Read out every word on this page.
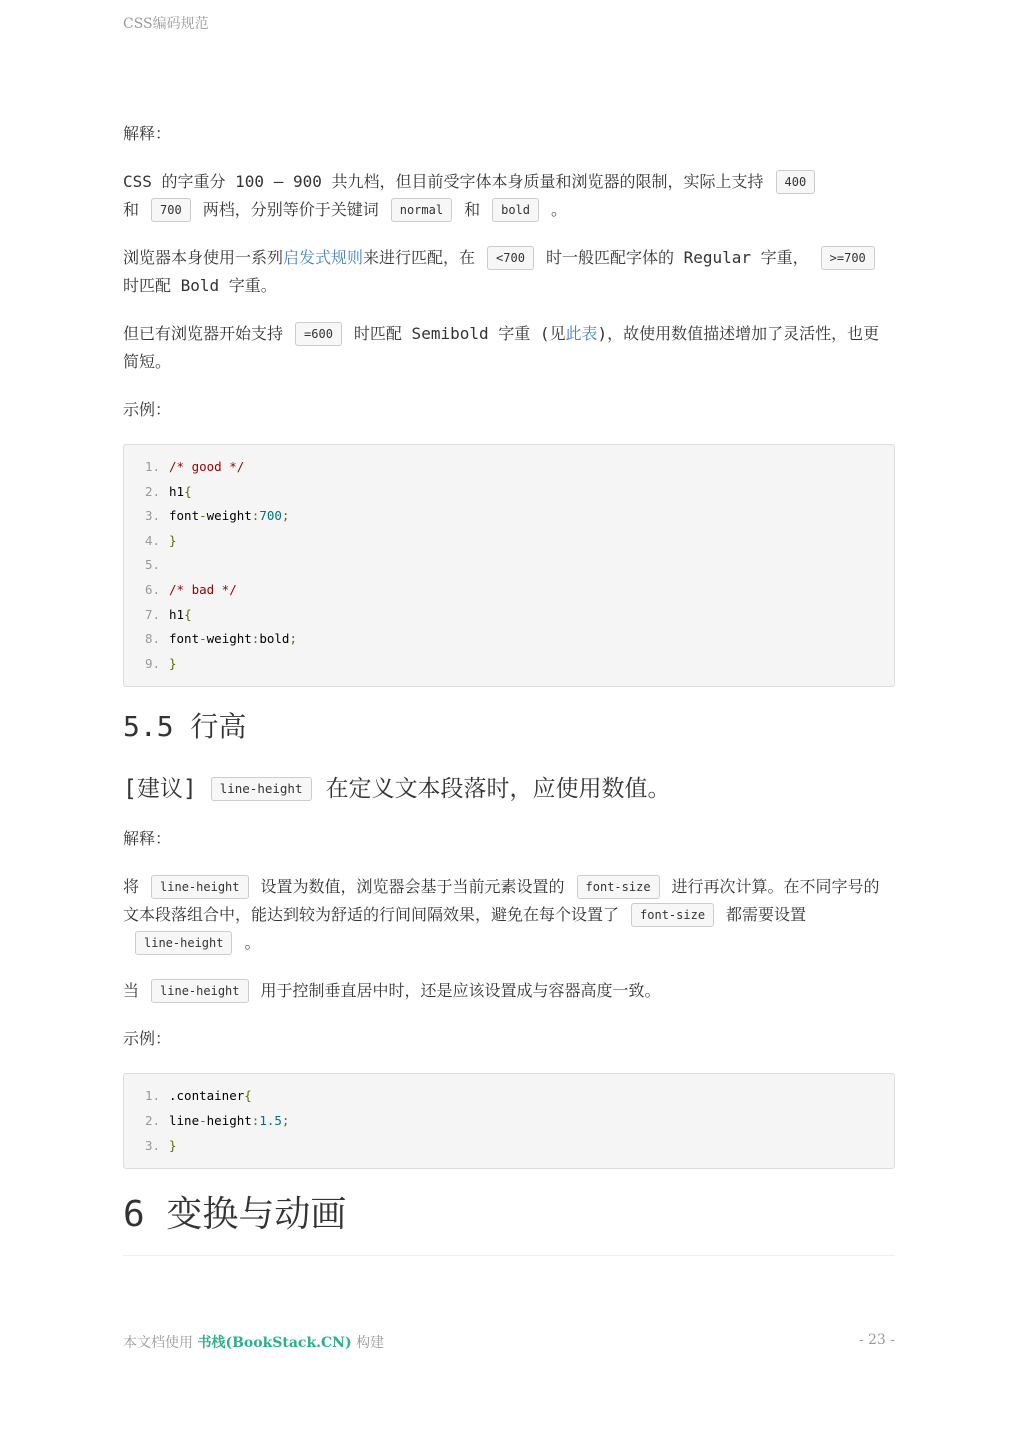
CSS编码规范

解释：

CSS 的字重分 100 – 900 共九档，但目前受字体本身质量和浏览器的限制，实际上支持 400
和 700 两档，分别等价于关键词 normal 和 bold 。

浏览器本身使用一系列启发式规则来进行匹配，在 <700 时一般匹配字体的 Regular 字重， >=700时匹配 Bold 字重。

但已有浏览器开始支持 =600 时匹配 Semibold 字重 (见此表)，故使用数值描述增加了灵活性，也更简短。

示例：

1. /* good */
2. h1 {
3. font - weight : 700 ;
4. }
5.
6. /* bad */
7. h1 {
8. font - weight : bold ;
9. }
5.5 行高
[建议] line-height 在定义文本段落时，应使用数值。

解释：

将 line-height 设置为数值，浏览器会基于当前元素设置的 font-size 进行再次计算。在不同字号的文本段落组合中，能达到较为舒适的行间间隔效果，避免在每个设置了 font-size 都需要设置line-height 。

当 line-height 用于控制垂直居中时，还是应该设置成与容器高度一致。

示例：

1. .container {
2. line - height : 1.5 ;
3. }
6 变换与动画
本文档使用 书栈(BookStack.CN) 构建	- 23 -
